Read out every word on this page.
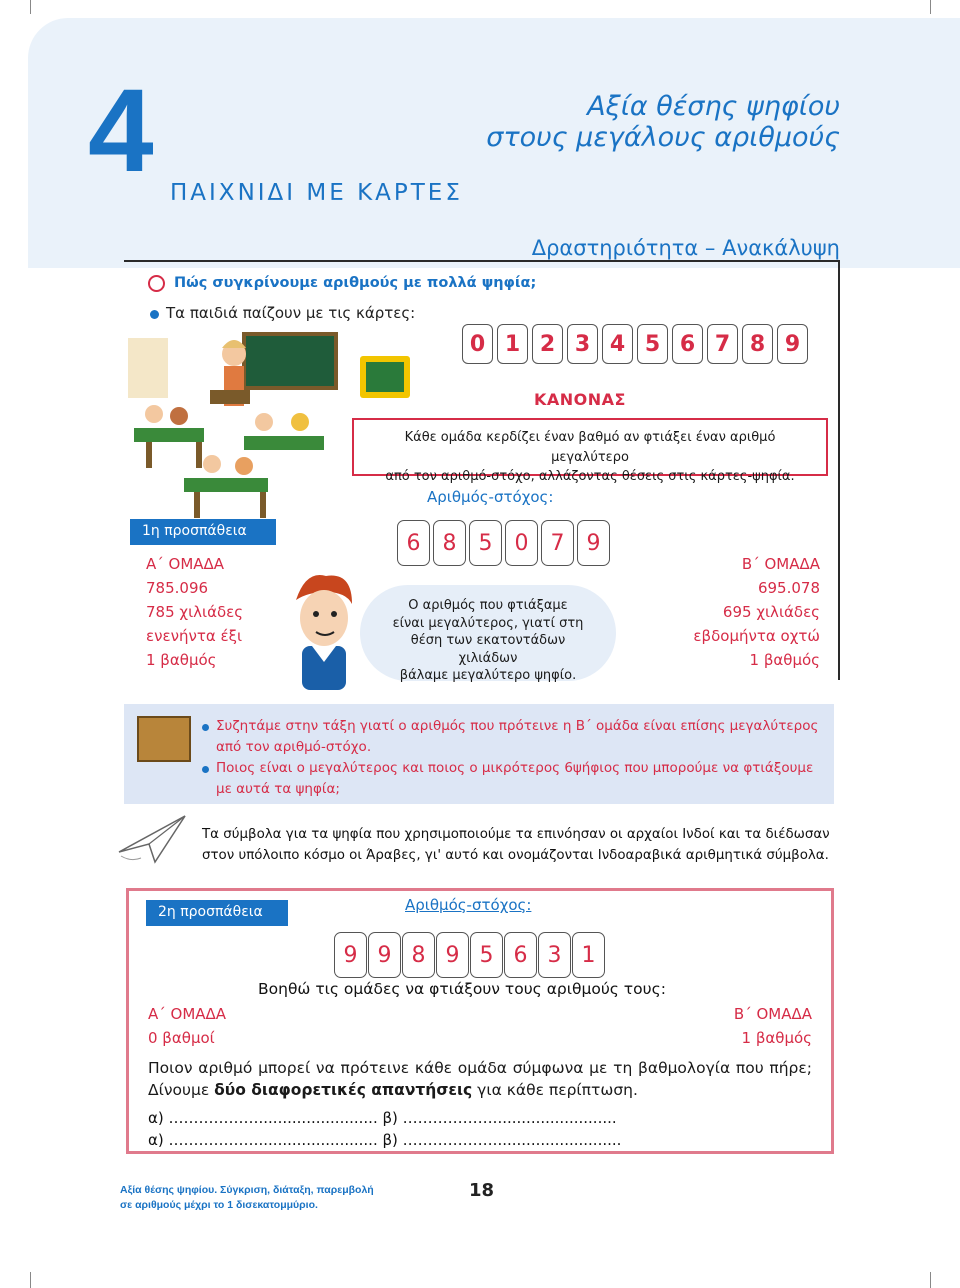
4	Αξία θέσης ψηφίου
στους μεγάλους αριθμούς
ΠΑΙΧΝΙΔΙ ΜΕ ΚΑΡΤΕΣ
Δραστηριότητα – Ανακάλυψη
Πώς συγκρίνουμε αριθμούς με πολλά ψηφία;
Τα παιδιά παίζουν με τις κάρτες:
0 1 2 3 4 5 6 7 8 9
ΚΑΝΟΝΑΣ
Κάθε ομάδα κερδίζει έναν βαθμό αν φτιάξει έναν αριθμό μεγαλύτερο
από τον αριθμό-στόχο, αλλάζοντας θέσεις στις κάρτες-ψηφία.
1η προσπάθεια
Α΄ ΟΜΑΔΑ
785.096
785 χιλιάδες
ενενήντα έξι
1 βαθμός
Β΄ ΟΜΑΔΑ
695.078
695 χιλιάδες
εβδομήντα οχτώ
1 βαθμός
Αριθμός-στόχος:
6	8	5	0	7	9
Ο αριθμός που φτιάξαμε
είναι μεγαλύτερος, γιατί στη
θέση των εκατοντάδων χιλιάδων
βάλαμε μεγαλύτερο ψηφίο.
Συζητάμε στην τάξη γιατί ο αριθμός που πρότεινε η Β΄ ομάδα είναι επίσης μεγαλύτερος
από τον αριθμό-στόχο.
Ποιος είναι ο μεγαλύτερος και ποιος ο μικρότερος 6ψήφιος που μπορούμε να φτιάξουμε
με αυτά τα ψηφία;
Τα σύμβολα για τα ψηφία που χρησιμοποιούμε τα επινόησαν οι αρχαίοι Ινδοί και τα διέδωσαν
στον υπόλοιπο κόσμο οι Άραβες, γι' αυτό και ονομάζονται Ινδοαραβικά αριθμητικά σύμβολα.
2η προσπάθεια	Αριθμός-στόχος:
9 9 8 9 5 6 3 1
Βοηθώ τις ομάδες να φτιάξουν τους αριθμούς τους:
Α΄ ΟΜΑΔΑ
0 βαθμοί
Β΄ ΟΜΑΔΑ
1 βαθμός
Ποιον αριθμό μπορεί να πρότεινε κάθε ομάδα σύμφωνα με τη βαθμολογία που πήρε; Δίνουμε δύο διαφορετικές απαντήσεις για κάθε περίπτωση.
α) ………………......................... β) ………………..........................
α) ………………......................... β) ………………...........................
Αξία θέσης ψηφίου. Σύγκριση, διάταξη, παρεμβολή
σε αριθμούς μέχρι το 1 δισεκατομμύριο.
18
